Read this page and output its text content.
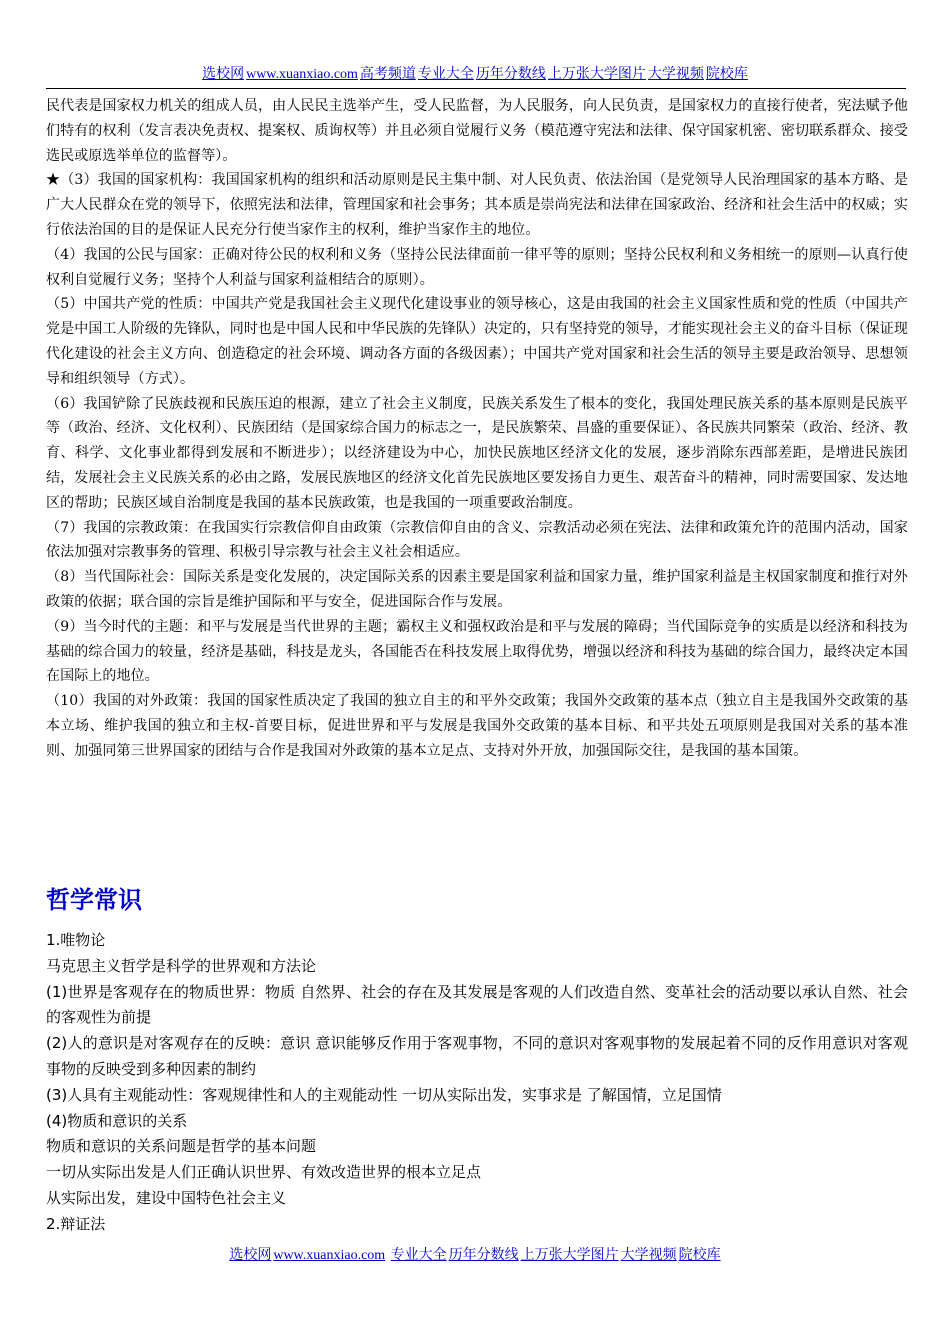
选校网 www.xuanxiao.com 高考频道 专业大全 历年分数线 上万张大学图片 大学视频 院校库

民代表是国家权力机关的组成人员，由人民民主选举产生，受人民监督，为人民服务，向人民负责，是国家权力的直接行使者，宪法赋予他们特有的权利（发言表决免责权、提案权、质询权等）并且必须自觉履行义务（模范遵守宪法和法律、保守国家机密、密切联系群众、接受选民或原选举单位的监督等）。

★（3）我国的国家机构：我国国家机构的组织和活动原则是民主集中制、对人民负责、依法治国（是党领导人民治理国家的基本方略、是广大人民群众在党的领导下，依照宪法和法律，管理国家和社会事务；其本质是崇尚宪法和法律在国家政治、经济和社会生活中的权威；实行依法治国的目的是保证人民充分行使当家作主的权利，维护当家作主的地位。

（4）我国的公民与国家：正确对待公民的权利和义务（坚持公民法律面前一律平等的原则；坚持公民权利和义务相统一的原则—认真行使权利自觉履行义务；坚持个人利益与国家利益相结合的原则）。

（5）中国共产党的性质：中国共产党是我国社会主义现代化建设事业的领导核心，这是由我国的社会主义国家性质和党的性质（中国共产党是中国工人阶级的先锋队，同时也是中国人民和中华民族的先锋队）决定的，只有坚持党的领导，才能实现社会主义的奋斗目标（保证现代化建设的社会主义方向、创造稳定的社会环境、调动各方面的各级因素）；中国共产党对国家和社会生活的领导主要是政治领导、思想领导和组织领导（方式）。

（6）我国铲除了民族歧视和民族压迫的根源，建立了社会主义制度，民族关系发生了根本的变化，我国处理民族关系的基本原则是民族平等（政治、经济、文化权利）、民族团结（是国家综合国力的标志之一，是民族繁荣、昌盛的重要保证）、各民族共同繁荣（政治、经济、教育、科学、文化事业都得到发展和不断进步）；以经济建设为中心，加快民族地区经济文化的发展，逐步消除东西部差距，是增进民族团结，发展社会主义民族关系的必由之路，发展民族地区的经济文化首先民族地区要发扬自力更生、艰苦奋斗的精神，同时需要国家、发达地区的帮助；民族区域自治制度是我国的基本民族政策，也是我国的一项重要政治制度。

（7）我国的宗教政策：在我国实行宗教信仰自由政策（宗教信仰自由的含义、宗教活动必须在宪法、法律和政策允许的范围内活动，国家依法加强对宗教事务的管理、积极引导宗教与社会主义社会相适应。

（8）当代国际社会：国际关系是变化发展的，决定国际关系的因素主要是国家利益和国家力量，维护国家利益是主权国家制度和推行对外政策的依据；联合国的宗旨是维护国际和平与安全，促进国际合作与发展。

（9）当今时代的主题：和平与发展是当代世界的主题；霸权主义和强权政治是和平与发展的障碍；当代国际竞争的实质是以经济和科技为基础的综合国力的较量，经济是基础，科技是龙头，各国能否在科技发展上取得优势，增强以经济和科技为基础的综合国力，最终决定本国在国际上的地位。

（10）我国的对外政策：我国的国家性质决定了我国的独立自主的和平外交政策；我国外交政策的基本点（独立自主是我国外交政策的基本立场、维护我国的独立和主权-首要目标，促进世界和平与发展是我国外交政策的基本目标、和平共处五项原则是我国对关系的基本准则、加强同第三世界国家的团结与合作是我国对外政策的基本立足点、支持对外开放，加强国际交往，是我国的基本国策。

哲学常识

1.唯物论

马克思主义哲学是科学的世界观和方法论

(1)世界是客观存在的物质世界：物质 自然界、社会的存在及其发展是客观的人们改造自然、变革社会的活动要以承认自然、社会的客观性为前提

(2)人的意识是对客观存在的反映：意识 意识能够反作用于客观事物，不同的意识对客观事物的发展起着不同的反作用意识对客观事物的反映受到多种因素的制约

(3)人具有主观能动性：客观规律性和人的主观能动性 一切从实际出发，实事求是 了解国情，立足国情

(4)物质和意识的关系

物质和意识的关系问题是哲学的基本问题

一切从实际出发是人们正确认识世界、有效改造世界的根本立足点

从实际出发，建设中国特色社会主义

2.辩证法

选校网 www.xuanxiao.com 专业大全 历年分数线 上万张大学图片 大学视频 院校库
